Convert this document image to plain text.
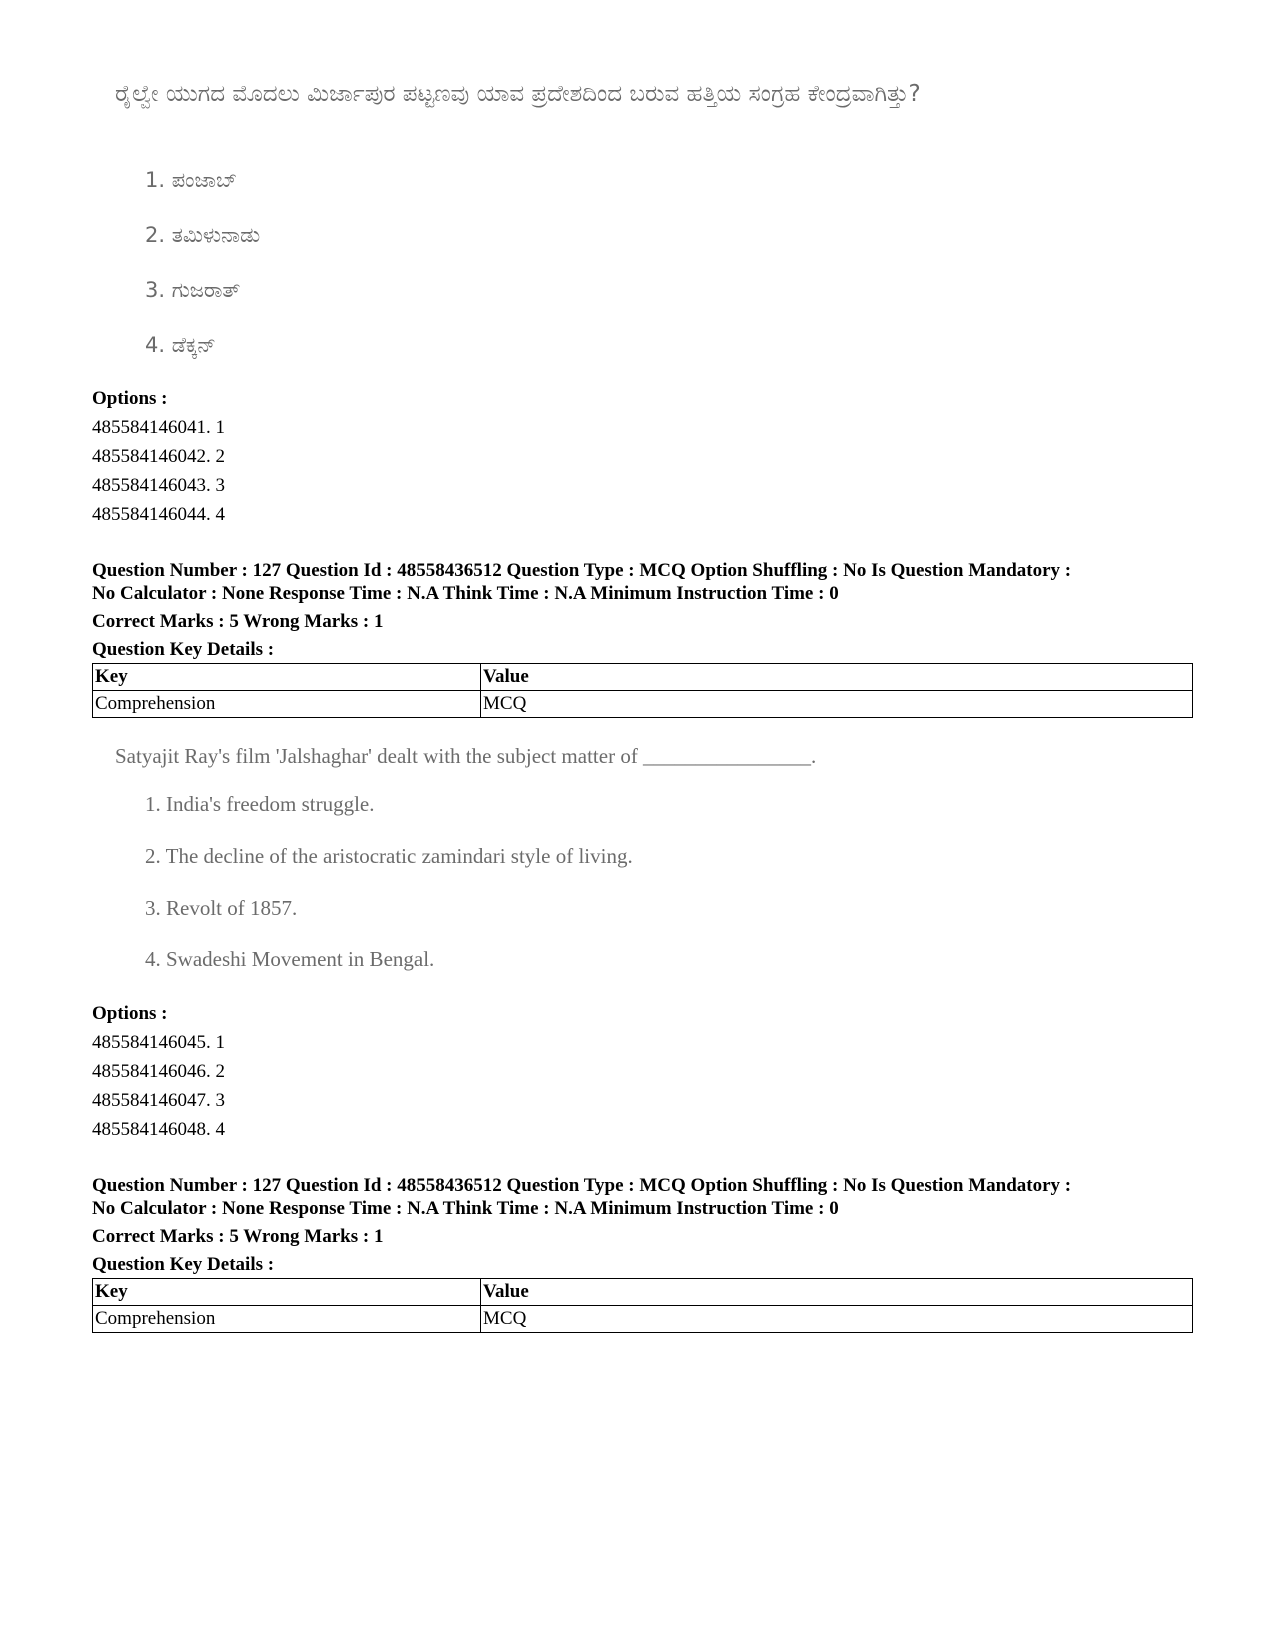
ರೈಲ್ವೇ ಯುಗದ ಮೊದಲು ಮಿರ್ಜಾಪುರ ಪಟ್ಟಣವು ಯಾವ ಪ್ರದೇಶದಿಂದ ಬರುವ ಹತ್ತಿಯ ಸಂಗ್ರಹ ಕೇಂದ್ರವಾಗಿತ್ತು?
1. ಪಂಜಾಬ್
2. ತಮಿಳುನಾಡು
3. ಗುಜರಾತ್
4. ಡೆಕ್ಕನ್
Options :
485584146041. 1
485584146042. 2
485584146043. 3
485584146044. 4
Question Number : 127 Question Id : 48558436512 Question Type : MCQ Option Shuffling : No Is Question Mandatory :
No Calculator : None Response Time : N.A Think Time : N.A Minimum Instruction Time : 0
Correct Marks : 5 Wrong Marks : 1
Question Key Details :
Key	Value
Comprehension	MCQ
Satyajit Ray's film 'Jalshaghar' dealt with the subject matter of ________________.
1. India's freedom struggle.
2. The decline of the aristocratic zamindari style of living.
3. Revolt of 1857.
4. Swadeshi Movement in Bengal.
Options :
485584146045. 1
485584146046. 2
485584146047. 3
485584146048. 4
Question Number : 127 Question Id : 48558436512 Question Type : MCQ Option Shuffling : No Is Question Mandatory :
No Calculator : None Response Time : N.A Think Time : N.A Minimum Instruction Time : 0
Correct Marks : 5 Wrong Marks : 1
Question Key Details :
Key	Value
Comprehension	MCQ
